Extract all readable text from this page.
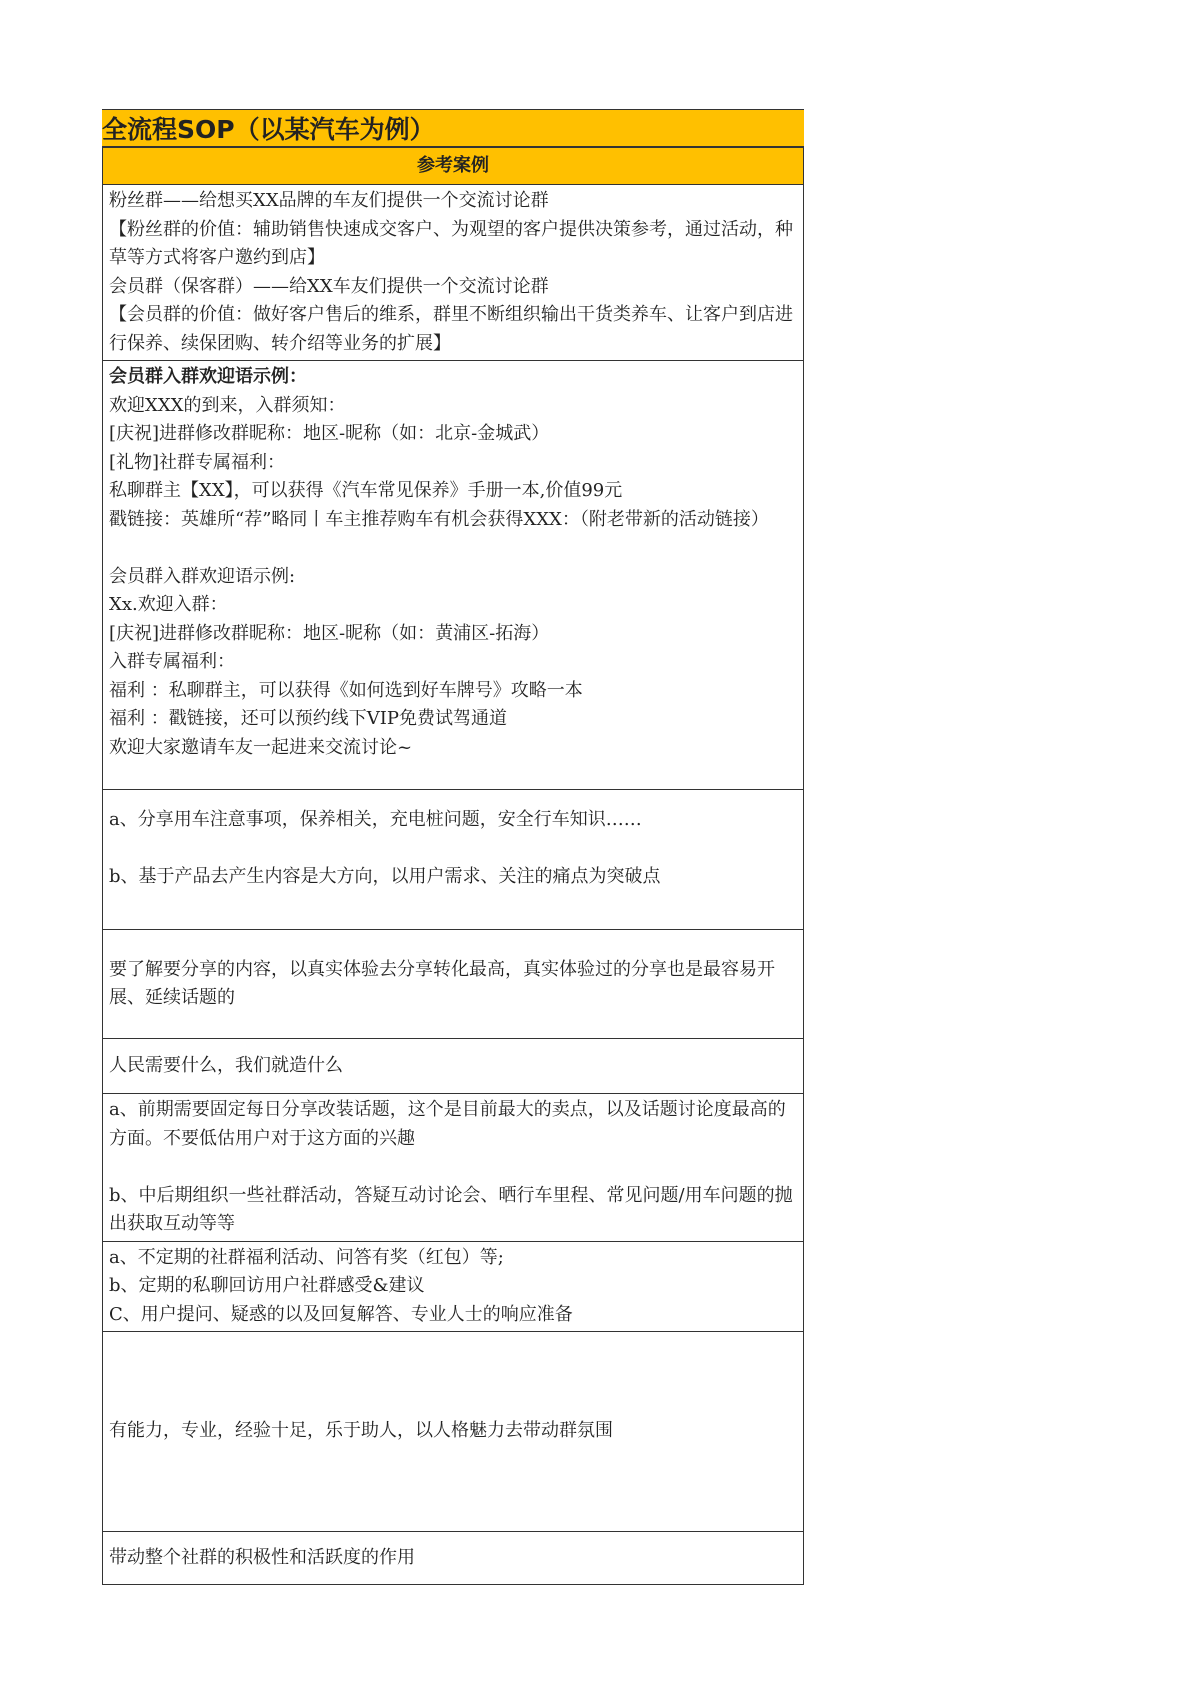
全流程SOP（以某汽车为例）
参考案例

粉丝群——给想买XX品牌的车友们提供一个交流讨论群
【粉丝群的价值：辅助销售快速成交客户、为观望的客户提供决策参考，通过活动，种草等方式将客户邀约到店】
会员群（保客群）——给XX车友们提供一个交流讨论群
【会员群的价值：做好客户售后的维系，群里不断组织输出干货类养车、让客户到店进行保养、续保团购、转介绍等业务的扩展】

会员群入群欢迎语示例：
欢迎XXX的到来，入群须知：
[庆祝]进群修改群昵称：地区-昵称（如：北京-金城武）
[礼物]社群专属福利：
私聊群主【XX】，可以获得《汽车常见保养》手册一本,价值99元
戳链接：英雄所“荐”略同丨车主推荐购车有机会获得XXX：（附老带新的活动链接）
会员群入群欢迎语示例:
Xx.欢迎入群：
[庆祝]进群修改群昵称：地区-昵称（如：黄浦区-拓海）
入群专属福利：
福利 ：私聊群主，可以获得《如何选到好车牌号》攻略一本
福利 ：戳链接，还可以预约线下VIP免费试驾通道
欢迎大家邀请车友一起进来交流讨论~

a、分享用车注意事项，保养相关，充电桩问题，安全行车知识……
b、基于产品去产生内容是大方向，以用户需求、关注的痛点为突破点

要了解要分享的内容，以真实体验去分享转化最高，真实体验过的分享也是最容易开展、延续话题的

人民需要什么，我们就造什么

a、前期需要固定每日分享改装话题，这个是目前最大的卖点，以及话题讨论度最高的方面。不要低估用户对于这方面的兴趣
b、中后期组织一些社群活动，答疑互动讨论会、晒行车里程、常见问题/用车问题的抛出获取互动等等

a、不定期的社群福利活动、问答有奖（红包）等;
b、定期的私聊回访用户社群感受&建议
C、用户提问、疑惑的以及回复解答、专业人士的响应准备

有能力，专业，经验十足，乐于助人，以人格魅力去带动群氛围

带动整个社群的积极性和活跃度的作用
